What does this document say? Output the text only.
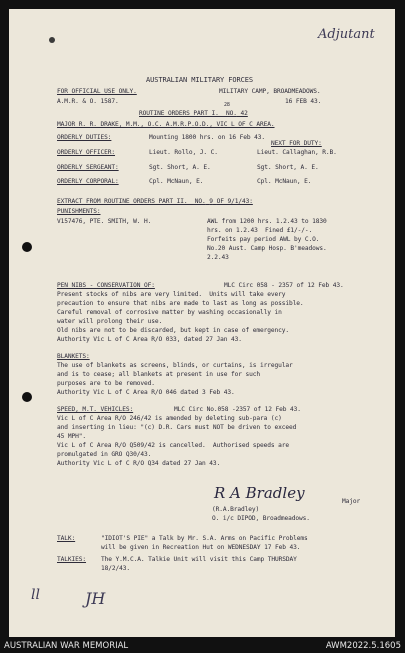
Adjutant
AUSTRALIAN MILITARY FORCES
FOR OFFICIAL USE ONLY.
A.M.R. & O. 1587.
MILITARY CAMP, BROADMEADOWS.
16 FEB 43.
ROUTINE ORDERS PART I.  NO. 42
28
MAJOR R. R. DRAKE, M.M., O.C. A.M.R.P.O.D., VIC L OF C AREA.
ORDERLY DUTIES:	Mounting 1800 hrs. on 16 Feb 43.
NEXT FOR DUTY:
ORDERLY OFFICER:	Lieut. Rollo, J. C.	Lieut. Callaghan, R.B.
ORDERLY SERGEANT:	Sgt. Short, A. E.	Sgt. Short, A. E.
ORDERLY CORPORAL:	Cpl. McNaun, E.	Cpl. McNaun, E.
EXTRACT FROM ROUTINE ORDERS PART II.  NO. 9 OF 9/1/43:
PUNISHMENTS:
V157476, PTE. SMITH, W. H.	AWL from 1200 hrs. 1.2.43 to 1830
hrs. on 1.2.43  Fined £1/-/-.
Forfeits pay period AWL by C.O.
No.20 Aust. Camp Hosp. B'meadows.
2.2.43
PEN NIBS - CONSERVATION OF:	MLC Circ 058 - 2357 of 12 Feb 43.
Present stocks of nibs are very limited.  Units will take every
precaution to ensure that nibs are made to last as long as possible.
Careful removal of corrosive matter by washing occasionally in
water will prolong their use.
Old nibs are not to be discarded, but kept in case of emergency.
Authority Vic L of C Area R/O 033, dated 27 Jan 43.
BLANKETS:
The use of blankets as screens, blinds, or curtains, is irregular
and is to cease; all blankets at present in use for such
purposes are to be removed.
Authority Vic L of C Area R/O 046 dated 3 Feb 43.
SPEED, M.T. VEHICLES:	MLC Circ No.058 -2357 of 12 Feb 43.
Vic L of C Area R/O 246/42 is amended by deleting sub-para (c)
and inserting in lieu: "(c) D.R. Cars must NOT be driven to exceed
45 MPH".
Vic L of C Area R/O Q509/42 is cancelled.  Authorised speeds are
promulgated in GRO Q30/43.
Authority Vic L of C R/O Q34 dated 27 Jan 43.
R A Bradley	Major
(R.A.Bradley)
O. i/c DIPOD, Broadmeadows.
TALK:	"IDIOT'S PIE" a Talk by Mr. S.A. Arms on Pacific Problems
will be given in Recreation Hut on WEDNESDAY 17 Feb 43.
TALKIES: The Y.M.C.A. Talkie Unit will visit this Camp THURSDAY
18/2/43.
ll	JH
AUSTRALIAN WAR MEMORIAL	AWM2022.5.1605
